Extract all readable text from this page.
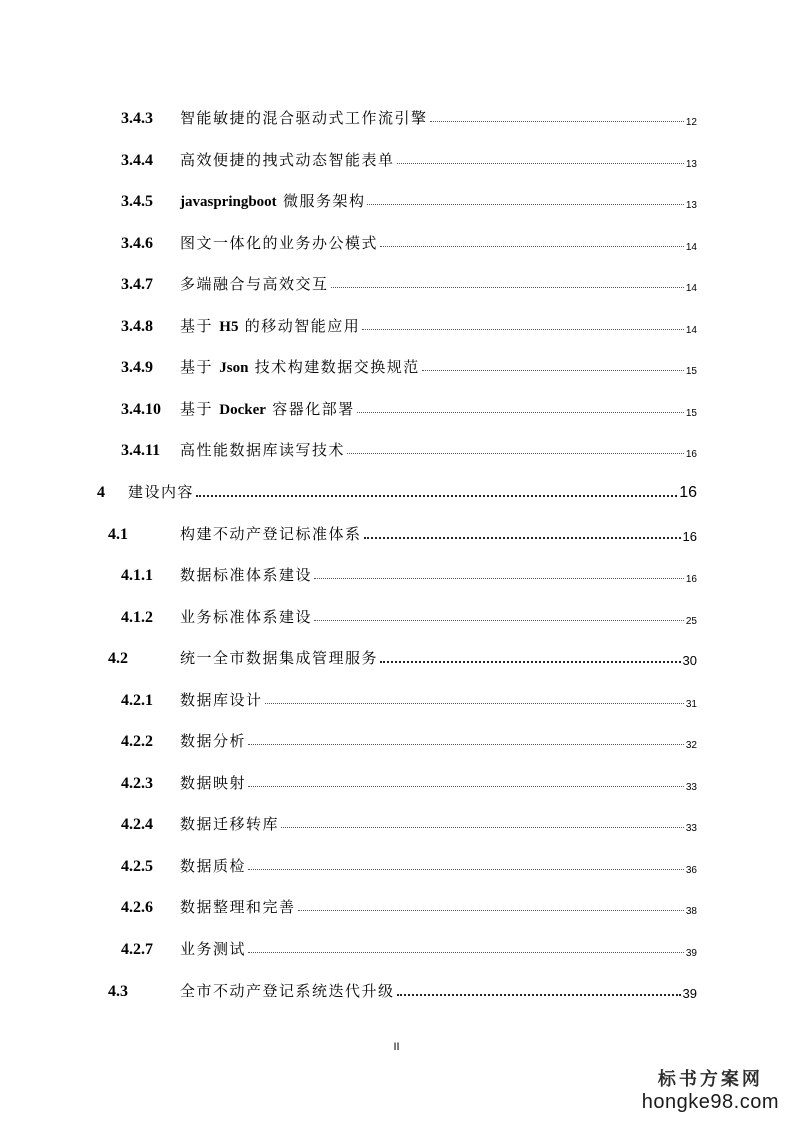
3.4.3 智能敏捷的混合驱动式工作流引擎	12
3.4.4 高效便捷的拽式动态智能表单	13
3.4.5 javaspringboot 微服务架构	13
3.4.6 图文一体化的业务办公模式	14
3.4.7 多端融合与高效交互	14
3.4.8 基于 H5 的移动智能应用	14
3.4.9 基于 Json 技术构建数据交换规范	15
3.4.10 基于 Docker 容器化部署	15
3.4.11 高性能数据库读写技术	16
4 建设内容	16
4.1	构建不动产登记标准体系	16
4.1.1 数据标准体系建设	16
4.1.2 业务标准体系建设	25
4.2	统一全市数据集成管理服务	30
4.2.1 数据库设计	31
4.2.2 数据分析	32
4.2.3 数据映射	33
4.2.4 数据迁移转库	33
4.2.5 数据质检	36
4.2.6 数据整理和完善	38
4.2.7 业务测试	39
4.3	全市不动产登记系统迭代升级	39
II
标书方案网
hongke98.com
